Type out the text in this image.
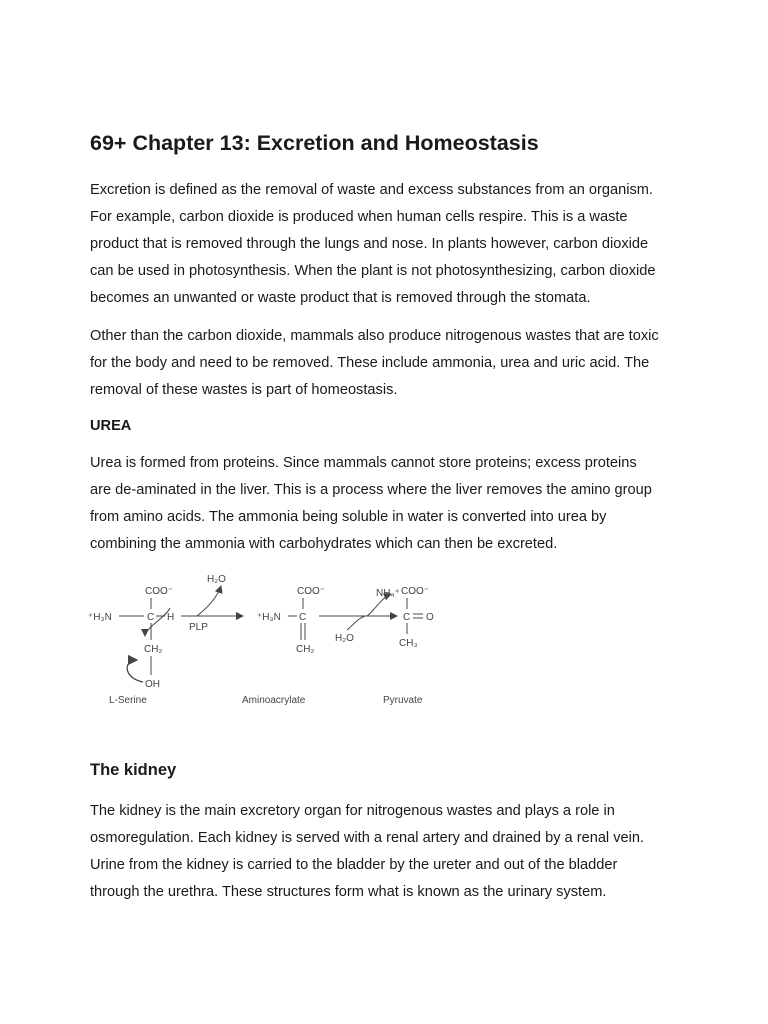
69+ Chapter 13: Excretion and Homeostasis

Excretion is defined as the removal of waste and excess substances from an organism.
For example, carbon dioxide is produced when human cells respire. This is a waste
product that is removed through the lungs and nose. In plants however, carbon dioxide
can be used in photosynthesis. When the plant is not photosynthesizing, carbon dioxide
becomes an unwanted or waste product that is removed through the stomata.

Other than the carbon dioxide, mammals also produce nitrogenous wastes that are toxic
for the body and need to be removed. These include ammonia, urea and uric acid. The
removal of these wastes is part of homeostasis.

UREA

Urea is formed from proteins. Since mammals cannot store proteins; excess proteins
are de-aminated in the liver. This is a process where the liver removes the amino group
from amino acids. The ammonia being soluble in water is converted into urea by
combining the ammonia with carbohydrates which can then be excreted.

COO⁻
⁺H₃N	C H
CH₂
OH
L-Serine
H₂O
PLP
COO⁻
⁺H₃N C
CH₂
Aminoacrylate
H₂O
NH₄⁺ COO⁻
C O
CH₃
Pyruvate
The kidney

The kidney is the main excretory organ for nitrogenous wastes and plays a role in
osmoregulation. Each kidney is served with a renal artery and drained by a renal vein.
Urine from the kidney is carried to the bladder by the ureter and out of the bladder
through the urethra. These structures form what is known as the urinary system.
